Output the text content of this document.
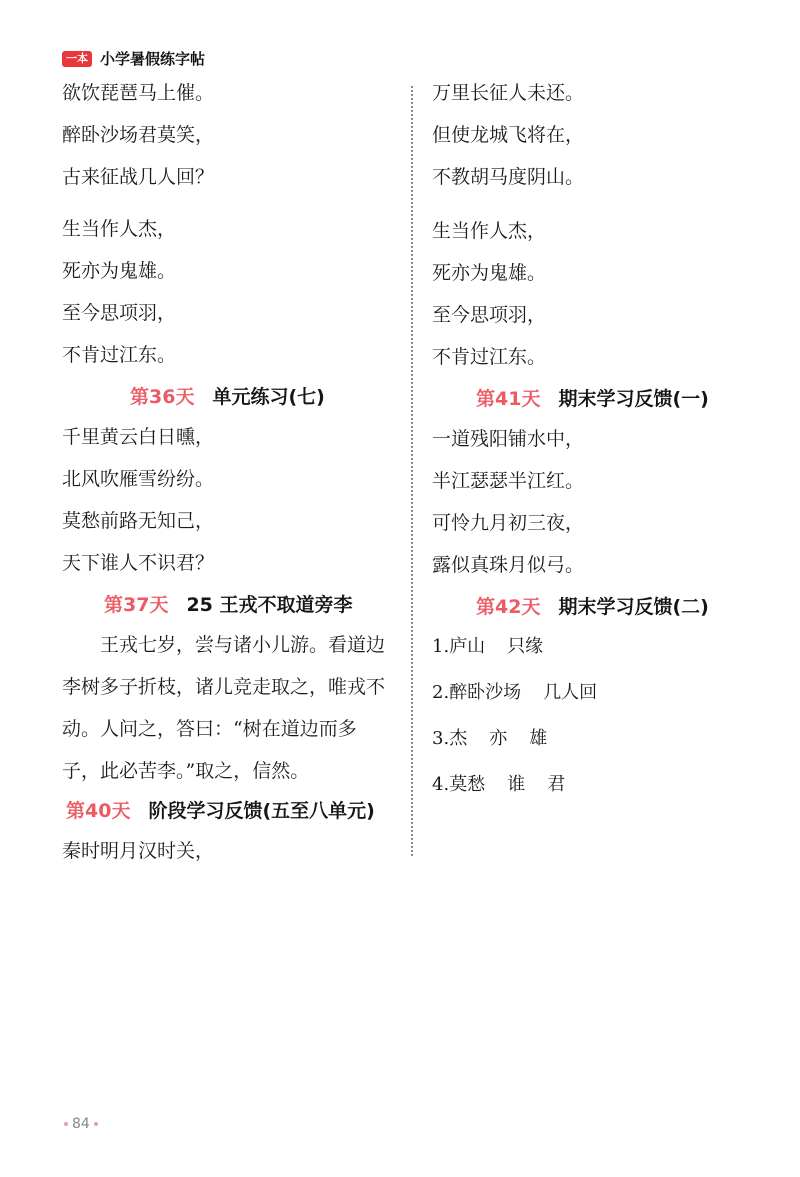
一本 小学暑假练字帖
欲饮琵琶马上催。
醉卧沙场君莫笑，
古来征战几人回？
生当作人杰，
死亦为鬼雄。
至今思项羽，
不肯过江东。
第36天 单元练习(七)
千里黄云白日曛，
北风吹雁雪纷纷。
莫愁前路无知己，
天下谁人不识君？
第37天 25 王戎不取道旁李
王戎七岁，尝与诸小儿游。看道边李树多子折枝，诸儿竞走取之，唯戎不动。人问之，答曰：“树在道边而多子，此必苦李。”取之，信然。
第40天 阶段学习反馈(五至八单元)
秦时明月汉时关，
万里长征人未还。
但使龙城飞将在，
不教胡马度阴山。
生当作人杰，
死亦为鬼雄。
至今思项羽，
不肯过江东。
第41天 期末学习反馈(一)
一道残阳铺水中，
半江瑟瑟半江红。
可怜九月初三夜，
露似真珠月似弓。
第42天 期末学习反馈(二)
1.庐山 只缘
2.醉卧沙场 几人回
3.杰 亦 雄
4.莫愁 谁 君
84
